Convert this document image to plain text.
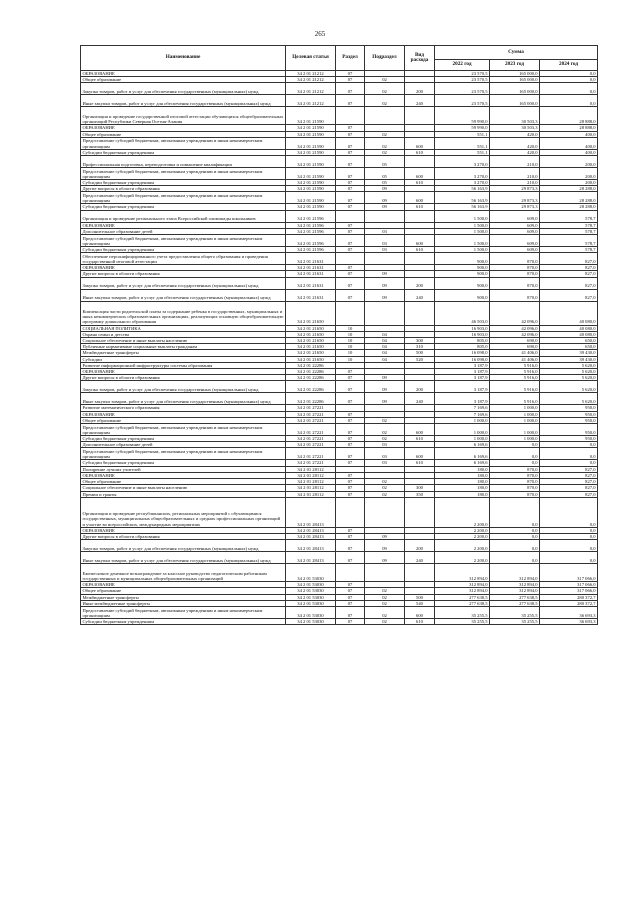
265
Наименование	Целевая статья	Раздел	Подраздел	Вид расхода	Сумма		
					2022 год	2023 год	2024 год
ОБРАЗОВАНИЕ	34 2 01 21212	07			23 570,5	165 000,0	0,0
Общее образование	34 2 01 21212	07	02		23 570,5	165 000,0	0,0
Закупка товаров, работ и услуг для обеспечения государственных (муниципальных) нужд	34 2 01 21212	07	02	200	23 570,5	165 000,0	0,0
Иные закупки товаров, работ и услуг для обеспечения государственных (муниципальных) нужд	34 2 01 21212	07	02	240	23 570,5	165 000,0	0,0
Организация и проведение государственной итоговой аттестации обучающихся общеобразовательных организаций Республики Северная Осетия-Алания	34 2 01 21590				59 990,0	30 503,3	28 888,0
ОБРАЗОВАНИЕ	34 2 01 21590	07			59 990,0	30 503,3	28 888,0
Общее образование	34 2 01 21590	07	02		551,1	420,0	400,0
Предоставление субсидий бюджетным, автономным учреждениям и иным некоммерческим организациям	34 2 01 21590	07	02	600	551,1	420,0	400,0
Субсидии бюджетным учреждениям	34 2 01 21590	07	02	610	551,1	420,0	400,0
Профессиональная подготовка, переподготовка и повышение квалификации	34 2 01 21590	07	05		3 270,0	210,0	200,0
Предоставление субсидий бюджетным, автономным учреждениям и иным некоммерческим организациям	34 2 01 21590	07	05	600	3 270,0	210,0	200,0
Субсидии бюджетным учреждениям	34 2 01 21590	07	05	610	3 270,0	210,0	200,0
Другие вопросы в области образования	34 2 01 21590	07	09		56 163,9	29 873,3	28 288,0
Предоставление субсидий бюджетным, автономным учреждениям и иным некоммерческим организациям	34 2 01 21590	07	09	600	56 163,9	29 873,3	28 288,0
Субсидии бюджетным учреждениям	34 2 01 21590	07	09	610	56 163,9	29 873,3	28 288,0
Организация и проведение регионального этапа Всероссийской олимпиады школьников	34 2 01 21596				1 500,0	609,0	578,7
ОБРАЗОВАНИЕ	34 2 01 21596	07			1 500,0	609,0	578,7
Дополнительное образование детей	34 2 01 21596	07	03		1 500,0	609,0	578,7
Предоставление субсидий бюджетным, автономным учреждениям и иным некоммерческим организациям	34 2 01 21596	07	03	600	1 500,0	609,0	578,7
Субсидии бюджетным учреждениям	34 2 01 21596	07	03	610	1 500,0	609,0	578,7
Обеспечение персонифицированного учета предоставления общего образования и проведения государственной итоговой аттестации	34 2 01 21631				900,0	870,0	827,0
ОБРАЗОВАНИЕ	34 2 01 21631	07			900,0	870,0	827,0
Другие вопросы в области образования	34 2 01 21631	07	09		900,0	870,0	827,0
Закупка товаров, работ и услуг для обеспечения государственных (муниципальных) нужд	34 2 01 21631	07	09	200	900,0	870,0	827,0
Иные закупки товаров, работ и услуг для обеспечения государственных (муниципальных) нужд	34 2 01 21631	07	09	240	900,0	870,0	827,0
Компенсация части родительской платы за содержание ребенка в государственных, муниципальных и иных некоммерческих образовательных организациях, реализующих основную общеобразовательную программу дошкольного образования	34 2 01 21650				46 503,0	42 096,0	40 080,0
СОЦИАЛЬНАЯ ПОЛИТИКА	34 2 01 21650	10			16 903,0	42 096,0	40 080,0
Охрана семьи и детства	34 2 01 21650	10	04		16 903,0	42 096,0	40 080,0
Социальное обеспечение и иные выплаты населению	34 2 01 21650	10	04	300	805,0	690,0	650,0
Публичные нормативные социальные выплаты гражданам	34 2 01 21650	10	04	310	805,0	690,0	650,0
Межбюджетные трансферты	34 2 01 21650	10	04	500	16 098,0	41 406,0	39 430,0
Субсидии	34 2 01 21650	10	04	520	16 098,0	41 406,0	39 430,0
Развитие информационной инфраструктуры системы образования	34 2 01 22286				3 187,9	5 916,0	5 620,0
ОБРАЗОВАНИЕ	34 2 01 22286	07			3 187,9	5 916,0	5 620,0
Другие вопросы в области образования	34 2 01 22286	07	09		3 187,9	5 916,0	5 620,0
Закупка товаров, работ и услуг для обеспечения государственных (муниципальных) нужд	34 2 01 22286	07	09	200	3 187,9	5 916,0	5 620,0
Иные закупки товаров, работ и услуг для обеспечения государственных (муниципальных) нужд	34 2 01 22286	07	09	240	3 187,9	5 916,0	5 620,0
Развитие математического образования	34 2 01 27221				7 169,6	1 000,0	950,0
ОБРАЗОВАНИЕ	34 2 01 27221	07			7 169,6	1 000,0	950,0
Общее образование	34 2 01 27221	07	02		1 000,0	1 000,0	950,0
Предоставление субсидий бюджетным, автономным учреждениям и иным некоммерческим организациям	34 2 01 27221	07	02	600	1 000,0	1 000,0	950,0
Субсидии бюджетным учреждениям	34 2 01 27221	07	02	610	1 000,0	1 000,0	950,0
Дополнительное образование детей	34 2 01 27221	07	03		6 169,6	0,0	0,0
Предоставление субсидий бюджетным, автономным учреждениям и иным некоммерческим организациям	34 2 01 27221	07	03	600	6 169,6	0,0	0,0
Субсидии бюджетным учреждениям	34 2 01 27221	07	03	610	6 169,6	0,0	0,0
Поощрение лучших учителей	34 2 01 28112				180,0	870,0	827,0
ОБРАЗОВАНИЕ	34 2 01 28112	07			180,0	870,0	827,0
Общее образование	34 2 01 28112	07	02		180,0	870,0	827,0
Социальное обеспечение и иные выплаты населению	34 2 01 28112	07	02	300	180,0	870,0	827,0
Премии и гранты	34 2 01 28112	07	02	350	180,0	870,0	827,0
Организация и проведение республиканских, региональных мероприятий с обучающимися государственных, муниципальных общеобразовательных и средних профессиональных организаций и участие во всероссийских, международных мероприятиях	34 2 01 28413				2 200,0	0,0	0,0
ОБРАЗОВАНИЕ	34 2 01 28413	07			2 200,0	0,0	0,0
Другие вопросы в области образования	34 2 01 28413	07	09		2 200,0	0,0	0,0
Закупка товаров, работ и услуг для обеспечения государственных (муниципальных) нужд	34 2 01 28413	07	09	200	2 200,0	0,0	0,0
Иные закупки товаров, работ и услуг для обеспечения государственных (муниципальных) нужд	34 2 01 28413	07	09	240	2 200,0	0,0	0,0
Ежемесячное денежное вознаграждение за классное руководство педагогическим работникам государственных и муниципальных общеобразовательных организаций	34 2 01 53030				312 894,0	312 894,0	317 066,0
ОБРАЗОВАНИЕ	34 2 01 53030	07			312 894,0	312 894,0	317 066,0
Общее образование	34 2 01 53030	07	02		312 894,0	312 894,0	317 066,0
Межбюджетные трансферты	34 2 01 53030	07	02	500	277 638,5	277 638,5	280 372,7
Иные межбюджетные трансферты	34 2 01 53030	07	02	540	277 638,5	277 638,5	280 372,7
Предоставление субсидий бюджетным, автономным учреждениям и иным некоммерческим организациям	34 2 01 53030	07	02	600	35 255,5	35 255,5	36 693,3
Субсидии бюджетным учреждениям	34 2 01 53030	07	02	610	35 255,5	35 255,5	36 693,3
